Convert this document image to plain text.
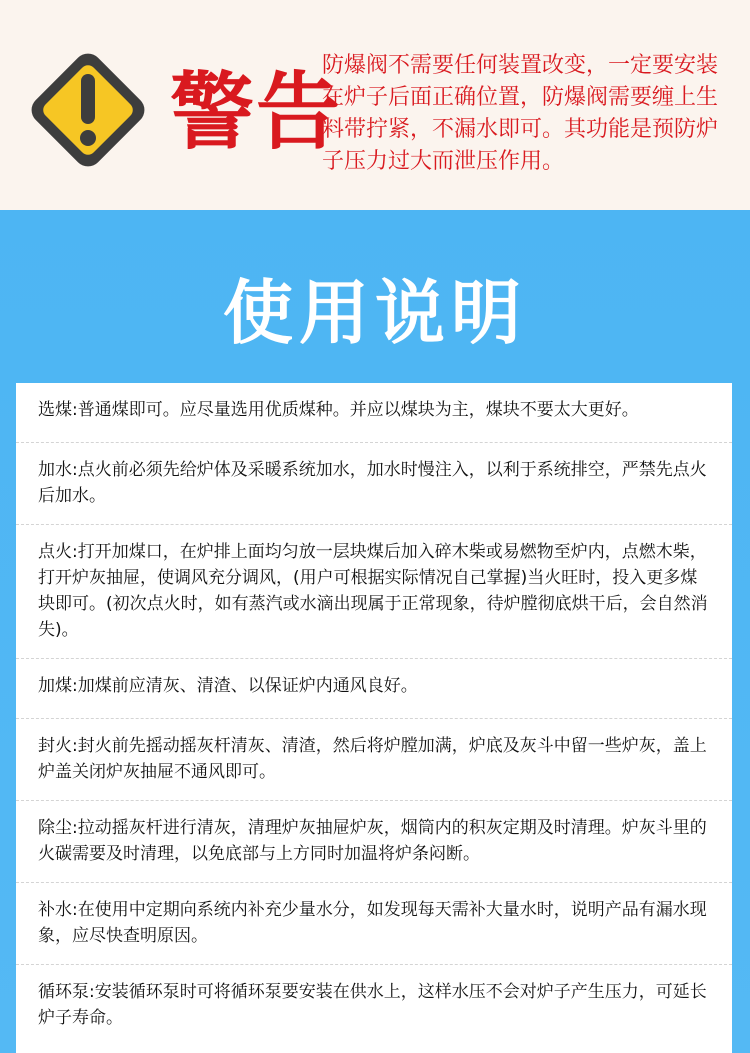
警告
防爆阀不需要任何装置改变，一定要安装在炉子后面正确位置，防爆阀需要缠上生料带拧紧，不漏水即可。其功能是预防炉子压力过大而泄压作用。
使用说明
选煤:普通煤即可。应尽量选用优质煤种。并应以煤块为主，煤块不要太大更好。
加水:点火前必须先给炉体及采暖系统加水，加水时慢注入，以利于系统排空，严禁先点火后加水。
点火:打开加煤口，在炉排上面均匀放一层块煤后加入碎木柴或易燃物至炉内，点燃木柴，打开炉灰抽屉，使调风充分调风，(用户可根据实际情况自己掌握)当火旺时，投入更多煤块即可。(初次点火时，如有蒸汽或水滴出现属于正常现象，待炉膛彻底烘干后，会自然消失)。
加煤:加煤前应清灰、清渣、以保证炉内通风良好。
封火:封火前先摇动摇灰杆清灰、清渣，然后将炉膛加满，炉底及灰斗中留一些炉灰，盖上炉盖关闭炉灰抽屉不通风即可。
除尘:拉动摇灰杆进行清灰，清理炉灰抽屉炉灰，烟筒内的积灰定期及时清理。炉灰斗里的火碳需要及时清理，以免底部与上方同时加温将炉条闷断。
补水:在使用中定期向系统内补充少量水分，如发现每天需补大量水时，说明产品有漏水现象，应尽快查明原因。
循环泵:安装循环泵时可将循环泵要安装在供水上，这样水压不会对炉子产生压力，可延长炉子寿命。
